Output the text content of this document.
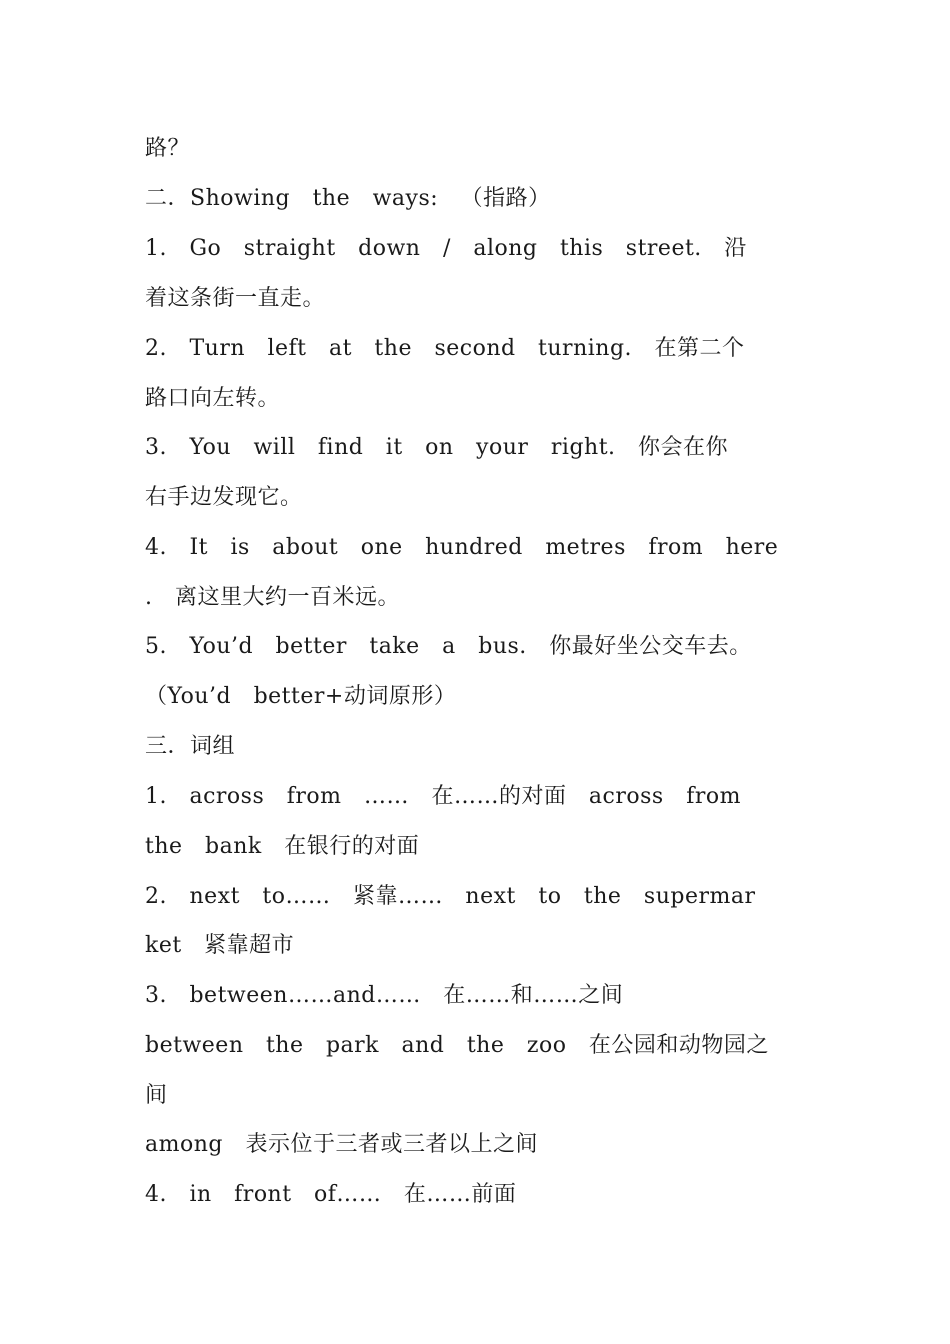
路？
二．Showing   the   ways:   （指路）
1.   Go   straight   down   /   along   this   street.   沿
着这条街一直走。
2.   Turn   left   at   the   second   turning.   在第二个
路口向左转。
3.   You   will   find   it   on   your   right.   你会在你
右手边发现它。
4.   It   is   about   one   hundred   metres   from   here
.   离这里大约一百米远。
5.   You’d   better   take   a   bus.   你最好坐公交车去。
（You’d   better+动词原形）
三．词组
1.   across   from   ……   在……的对面   across   from
the   bank   在银行的对面
2.   next   to……   紧靠……   next   to   the   supermar
ket   紧靠超市
3.   between……and……   在……和……之间
between   the   park   and   the   zoo   在公园和动物园之
间
among   表示位于三者或三者以上之间
4.   in   front   of……   在……前面
